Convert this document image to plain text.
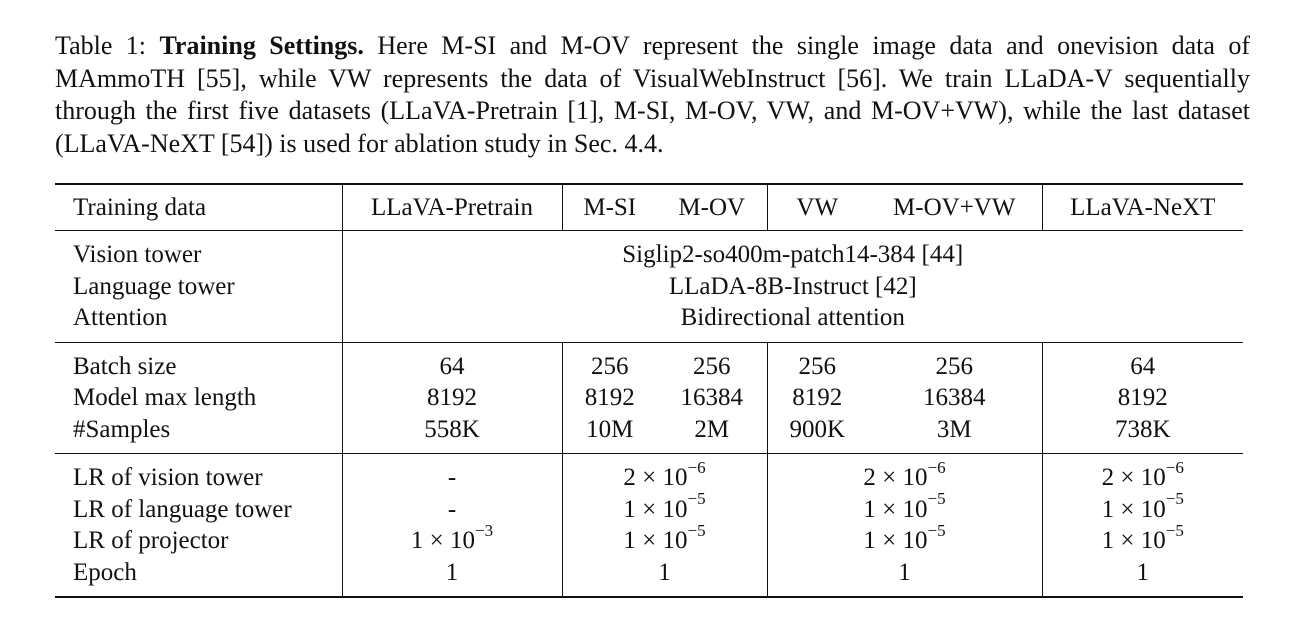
Table 1: Training Settings. Here M-SI and M-OV represent the single image data and onevision data of MAmmoTH [55], while VW represents the data of VisualWebInstruct [56]. We train LLaDA-V sequentially through the first five datasets (LLaVA-Pretrain [1], M-SI, M-OV, VW, and M-OV+VW), while the last dataset (LLaVA-NeXT [54]) is used for ablation study in Sec. 4.4.
Training data	LLaVA-Pretrain	M-SI	M-OV	VW	M-OV+VW	LLaVA-NeXT
Vision tower	Siglip2-so400m-patch14-384 [44]					
Language tower	LLaDA-8B-Instruct [42]					
Attention	Bidirectional attention					
Batch size	64	256	256	256	256	64
Model max length	8192	8192	16384	8192	16384	8192
#Samples	558K	10M	2M	900K	3M	738K
LR of vision tower	-	$2 \times 10^{-6}$		$2 \times 10^{-6}$		$2 \times 10^{-6}$
LR of language tower	-	$1 \times 10^{-5}$		$1 \times 10^{-5}$		$1 \times 10^{-5}$
LR of projector	$1 \times 10^{-3}$	$1 \times 10^{-5}$		$1 \times 10^{-5}$		$1 \times 10^{-5}$
Epoch	1	1		1		1
